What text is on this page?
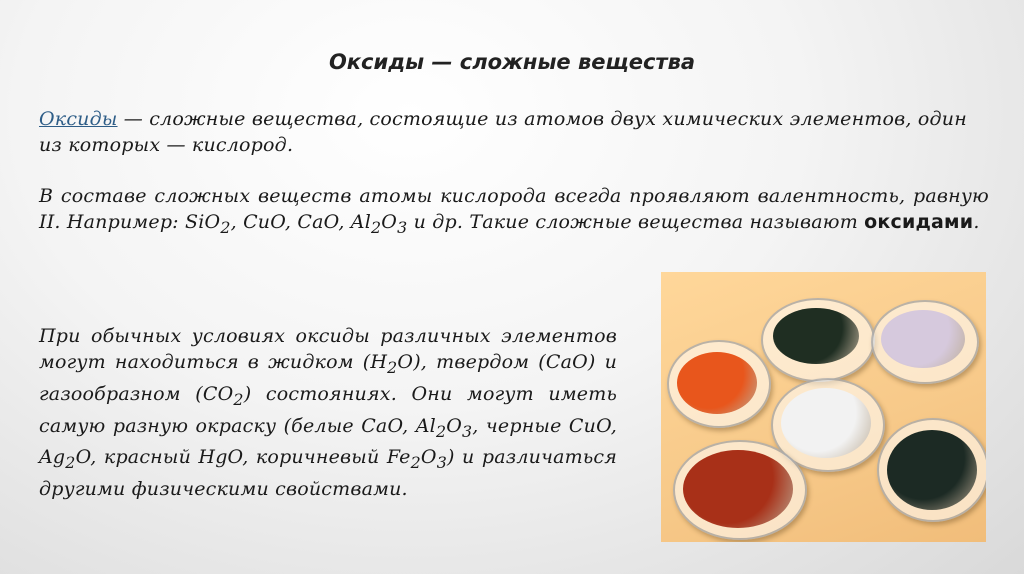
Оксиды — сложные вещества
Оксиды — сложные вещества, состоящие из атомов двух химических элементов, один из которых — кислород.
В составе сложных веществ атомы кислорода всегда проявляют валентность, равную II. Например: SiO$_2$, CuO, CaO, $Al_2O_3$ и др. Такие сложные вещества называют оксидами.
При обычных условиях оксиды различных элементов могут находиться в жидком $(H_2O)$, твердом (CaO) и газообразном $(CO_2)$ состояниях. Они могут иметь самую разную окраску (белые CaO, $Al_2O_3$, черные CuO, $Ag_2O$, красный HgO, коричневый $Fe_2O_3$) и различаться другими физическими свойствами.
